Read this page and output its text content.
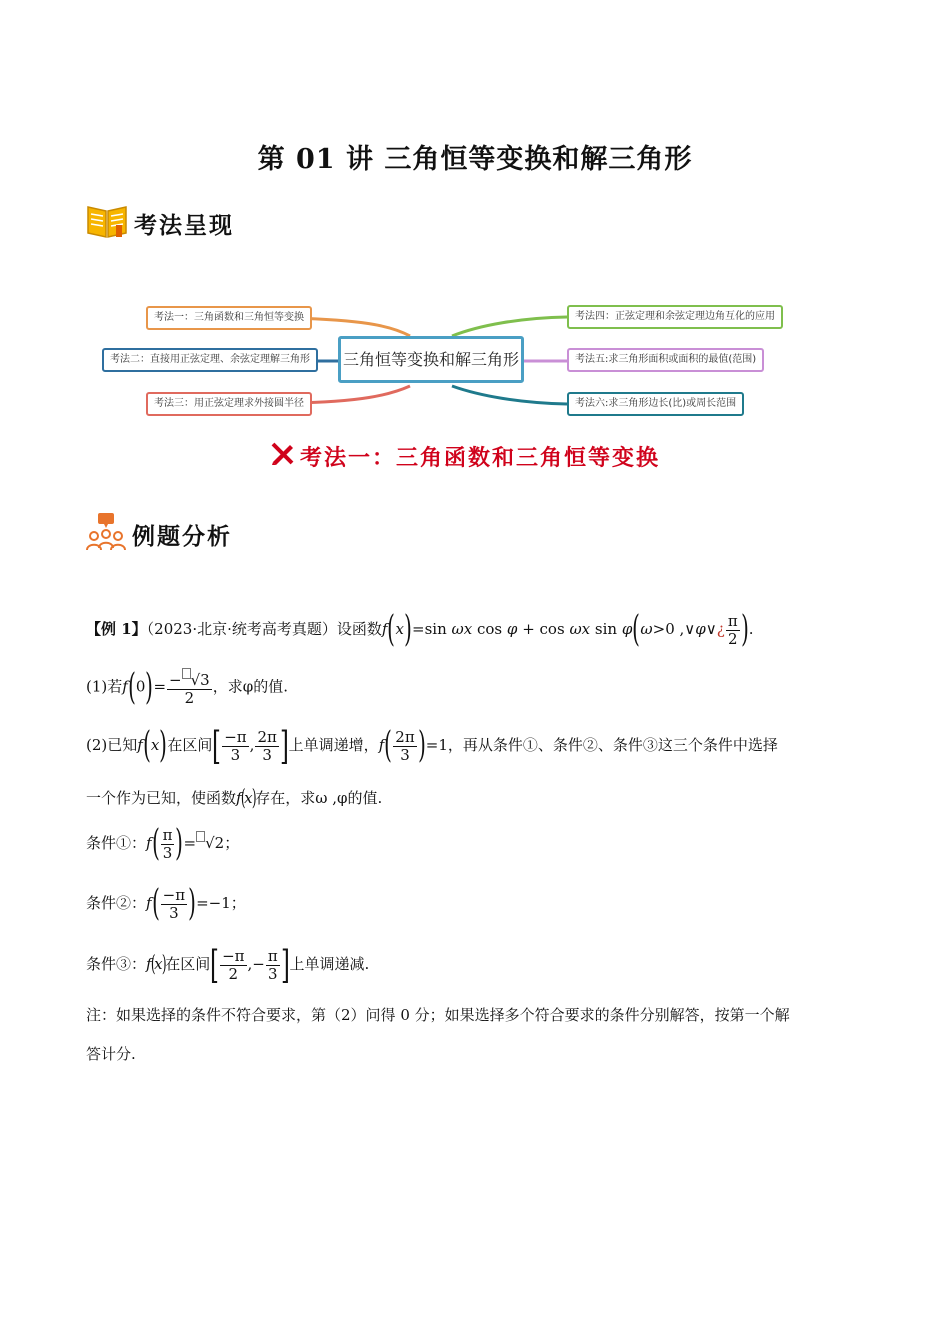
第 01 讲 三角恒等变换和解三角形
考法呈现
考法一：三角函数和三角恒等变换
考法二：直接用正弦定理、余弦定理解三角形
考法三：用正弦定理求外接圆半径
考法四：正弦定理和余弦定理边角互化的应用
考法五:求三角形面积或面积的最值(范围)
考法六:求三角形边长(比)或周长范围
三角恒等变换和解三角形
考法一：三角函数和三角恒等变换
例题分析
【例 1】（2023·北京·统考高考真题）设函数f(x)=sin ωx cos φ + cos ωx sin φ(ω>0 ,∨φ∨¿ $\frac{\pi}{2}$ ).
(1)若$f(0)= \frac{- √3}{2}$ ，求φ的值.
(2)已知f(x)在区间[ $\frac{-\pi}{3}$ , $\frac{2\pi}{3}$ ]上单调递增，$f( \frac{2\pi}{3} )=1$，再从条件①、条件②、条件③这三个条件中选择
一个作为已知，使函数f(x)存在，求ω ,φ的值.
条件①：$f( \frac{\pi}{3}$ )= √2；
条件②：$f( \frac{-\pi}{3} )=-1$；
条件③：f(x)在区间[ $\frac{-\pi}{2}$ ,− $\frac{\pi}{3}$ ]上单调递减.
注：如果选择的条件不符合要求，第（2）问得 0 分；如果选择多个符合要求的条件分别解答，按第一个解
答计分.
